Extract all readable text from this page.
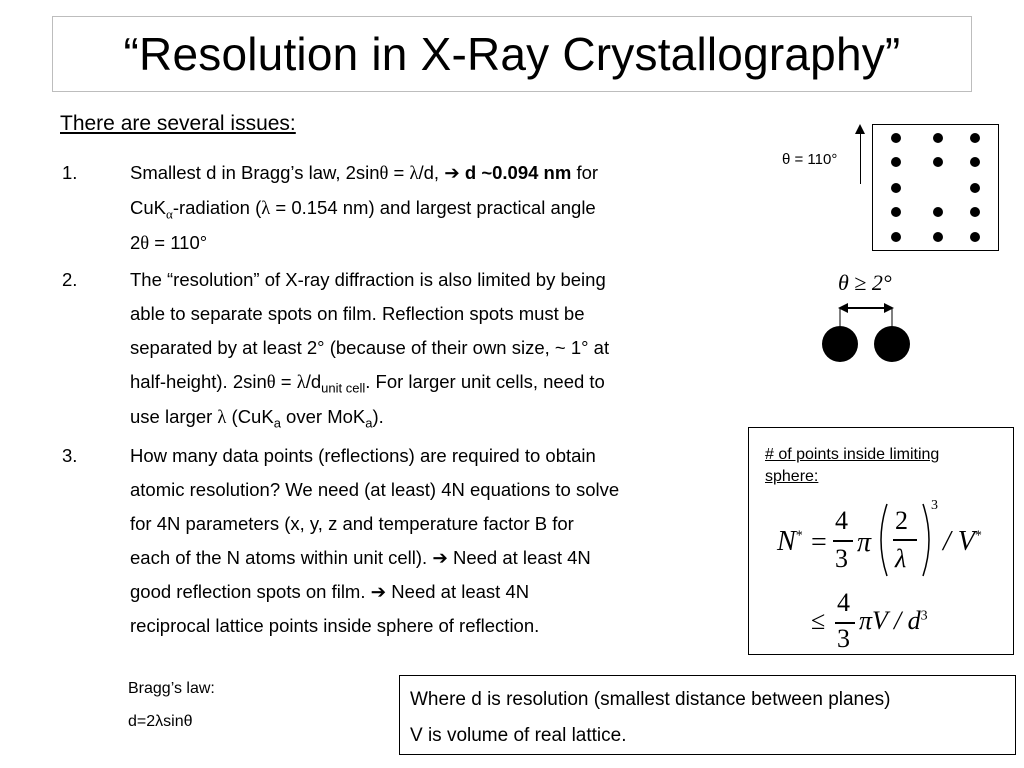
“Resolution in X-Ray Crystallography”
There are several issues:
1.	Smallest d in Bragg’s law, 2sinθ = λ/d, ➔ d ~0.094 nm for
CuK$_\alpha$-radiation (λ = 0.154 nm) and largest practical angle
2θ = 110°
2.	The “resolution” of X-ray diffraction is also limited by being
able to separate spots on film. Reflection spots must be
separated by at least 2° (because of their own size, ~ 1° at
half-height). $2\sin\theta = \lambda/d_{unit cell}$. For larger unit cells, need to
use larger λ (CuK$_a$ over MoK$_a$).
3.	How many data points (reflections) are required to obtain
atomic resolution? We need (at least) 4N equations to solve
for 4N parameters (x, y, z and temperature factor B for
each of the N atoms within unit cell). ➔ Need at least 4N
good reflection spots on film. ➔ Need at least 4N
reciprocal lattice points inside sphere of reflection.
θ = 110°
θ ≥ 2°
# of points inside limiting sphere:
N* =
4
3
π
2
λ
3
/ V*
≤
4
3
πV / $d^3$
Bragg’s law:
d=2λsinθ
Where d is resolution (smallest distance between planes)
V is volume of real lattice.
